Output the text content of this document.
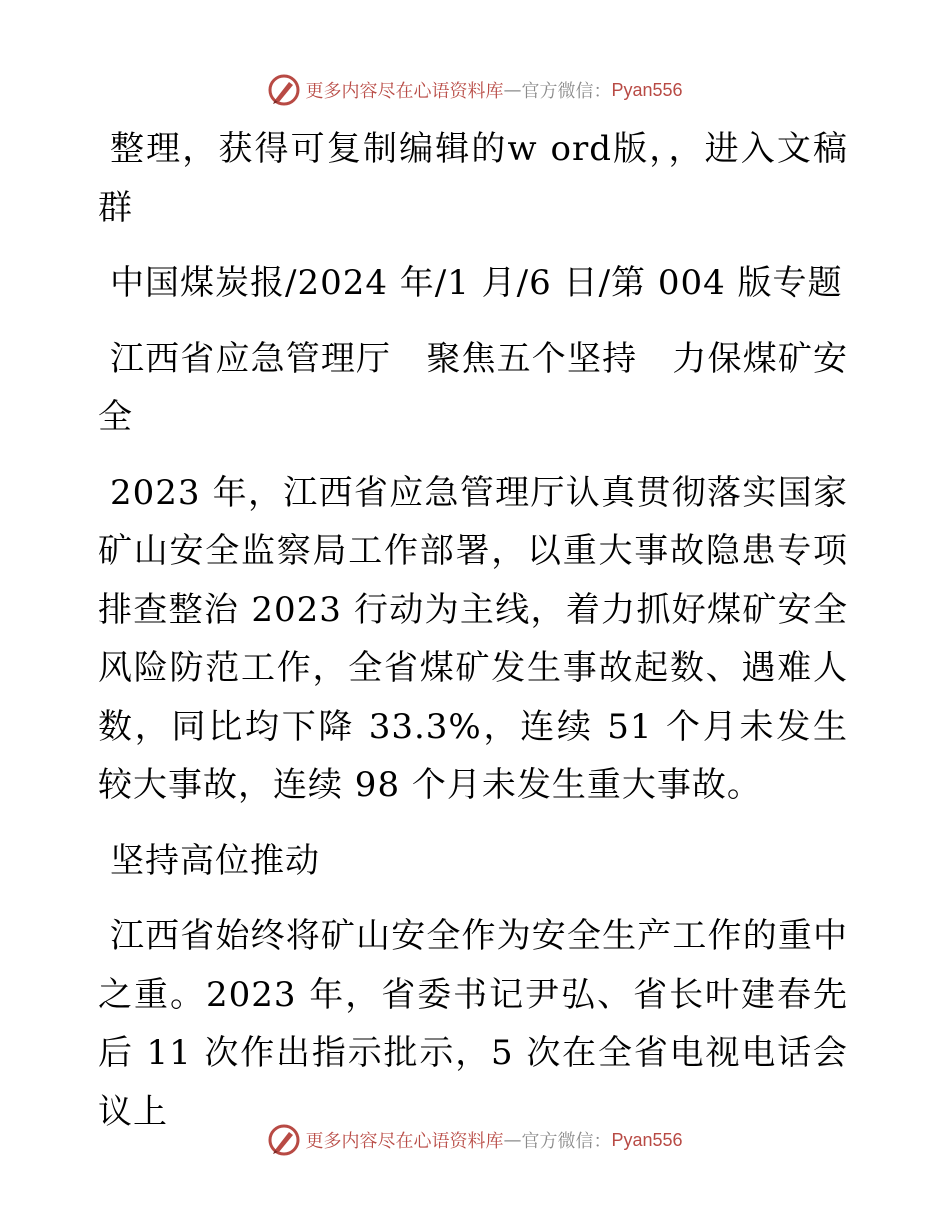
更多内容尽在心语资料库 — 官方微信： Pyan556

整理，获得可复制编辑的w ord版，，进入文稿群

中国煤炭报/2024 年/1 月/6 日/第 004 版专题

江西省应急管理厅　聚焦五个坚持　力保煤矿安全

2023 年，江西省应急管理厅认真贯彻落实国家矿山安全监察局工作部署，以重大事故隐患专项排查整治 2023 行动为主线，着力抓好煤矿安全风险防范工作，全省煤矿发生事故起数、遇难人数，同比均下降 33.3%，连续 51 个月未发生较大事故，连续 98 个月未发生重大事故。

坚持高位推动

江西省始终将矿山安全作为安全生产工作的重中之重。2023 年，省委书记尹弘、省长叶建春先后 11 次作出指示批示，5 次在全省电视电话会议上

更多内容尽在心语资料库 — 官方微信： Pyan556
